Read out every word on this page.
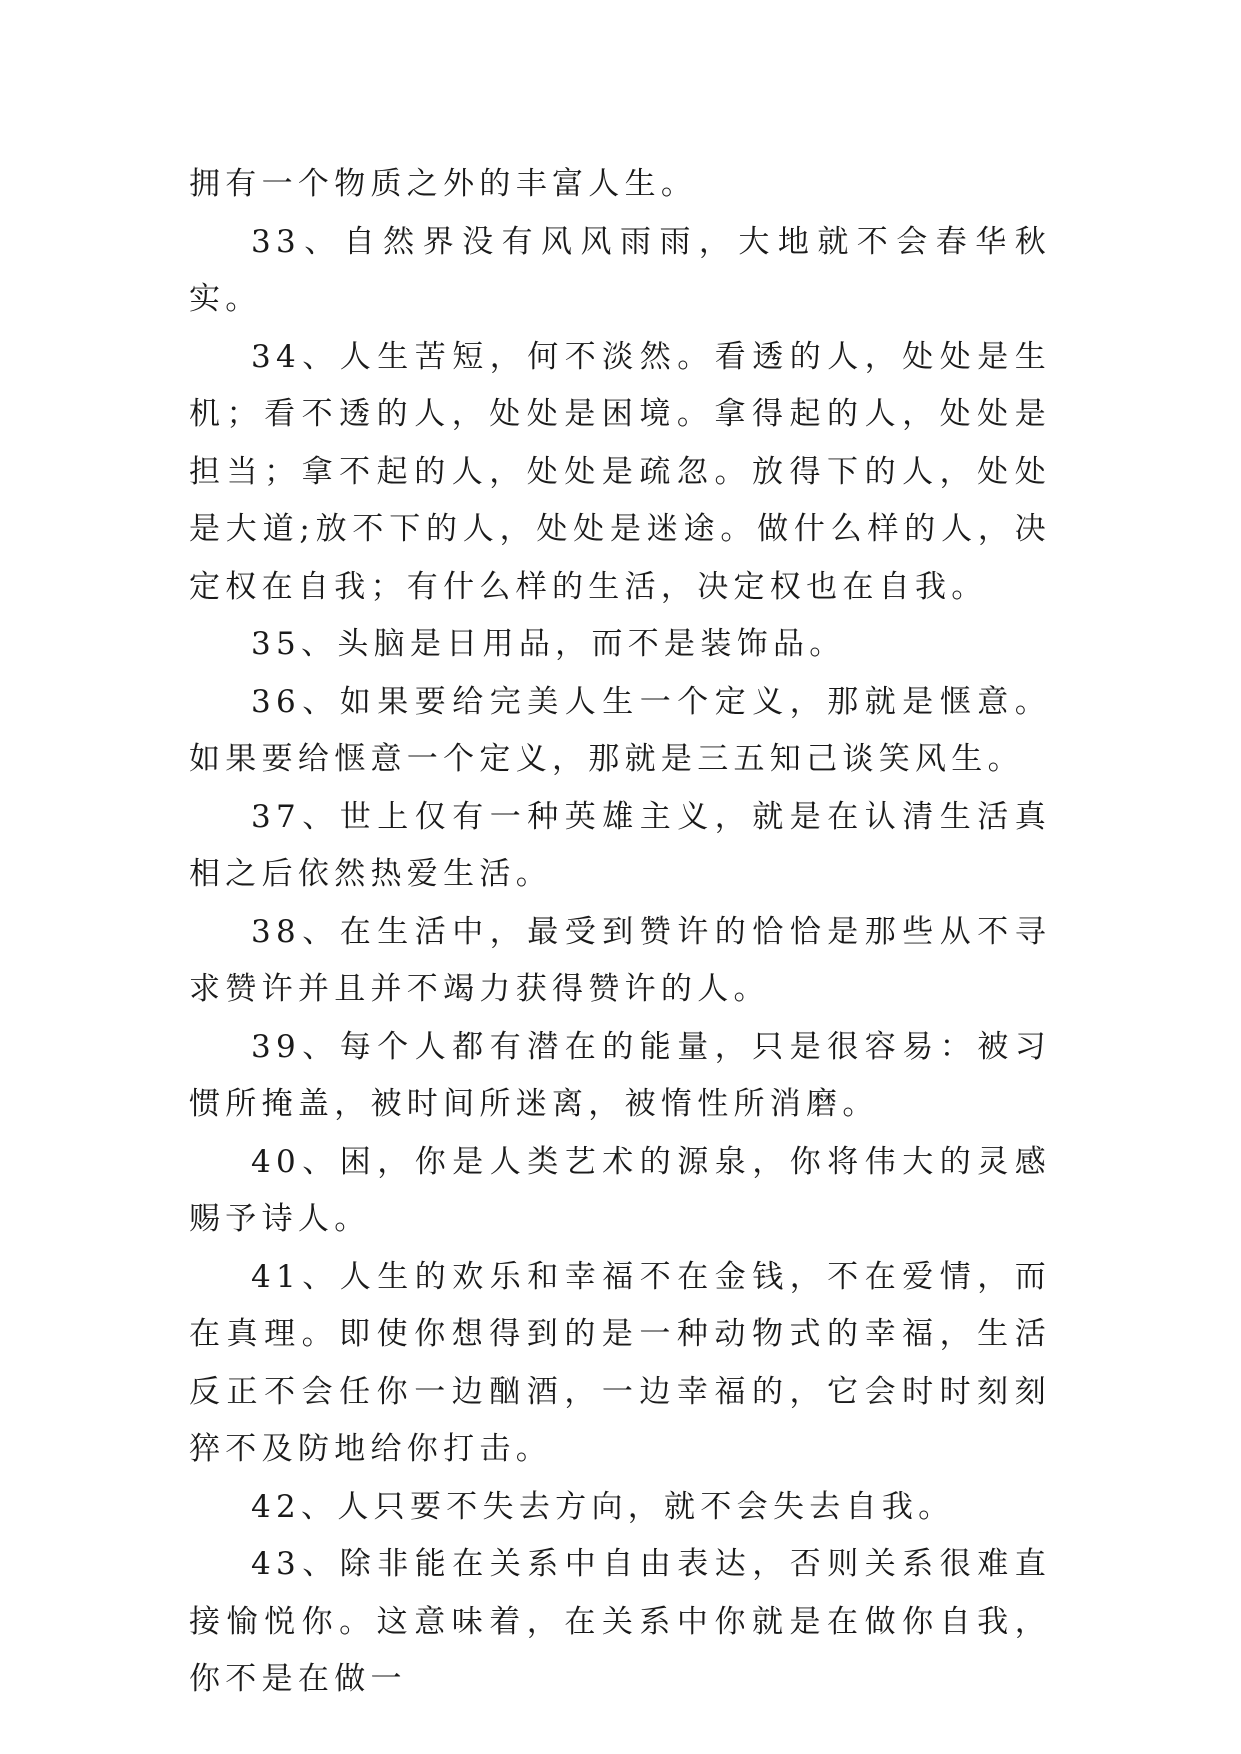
拥有一个物质之外的丰富人生。

33、自然界没有风风雨雨，大地就不会春华秋实。

34、人生苦短，何不淡然。看透的人，处处是生机；看不透的人，处处是困境。拿得起的人，处处是担当；拿不起的人，处处是疏忽。放得下的人，处处是大道;放不下的人，处处是迷途。做什么样的人，决定权在自我；有什么样的生活，决定权也在自我。

35、头脑是日用品，而不是装饰品。

36、如果要给完美人生一个定义，那就是惬意。如果要给惬意一个定义，那就是三五知己谈笑风生。

37、世上仅有一种英雄主义，就是在认清生活真相之后依然热爱生活。

38、在生活中，最受到赞许的恰恰是那些从不寻求赞许并且并不竭力获得赞许的人。

39、每个人都有潜在的能量，只是很容易：被习惯所掩盖，被时间所迷离，被惰性所消磨。

40、困，你是人类艺术的源泉，你将伟大的灵感赐予诗人。

41、人生的欢乐和幸福不在金钱，不在爱情，而在真理。即使你想得到的是一种动物式的幸福，生活反正不会任你一边酗酒，一边幸福的，它会时时刻刻猝不及防地给你打击。

42、人只要不失去方向，就不会失去自我。

43、除非能在关系中自由表达，否则关系很难直接愉悦你。这意味着，在关系中你就是在做你自我，你不是在做一
